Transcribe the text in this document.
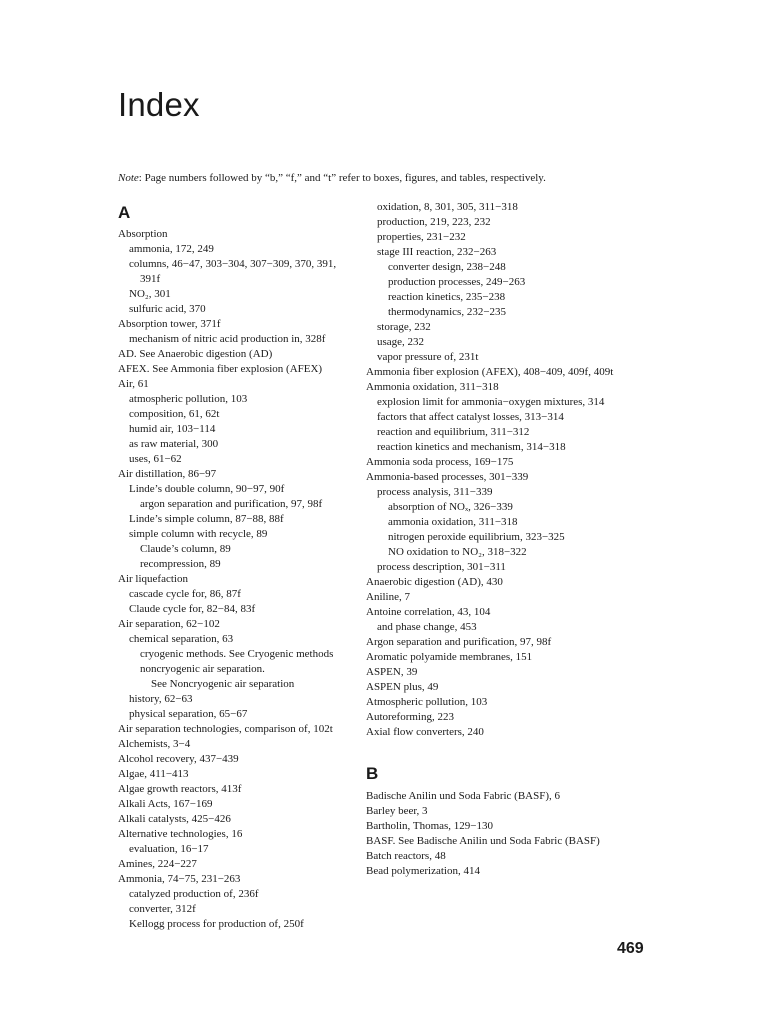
Index
Note: Page numbers followed by “b,” “f,” and “t” refer to boxes, figures, and tables, respectively.
A
Absorption
ammonia, 172, 249
columns, 46−47, 303−304, 307−309, 370, 391, 391f
NO₂, 301
sulfuric acid, 370
Absorption tower, 371f
mechanism of nitric acid production in, 328f
AD. See Anaerobic digestion (AD)
AFEX. See Ammonia fiber explosion (AFEX)
Air, 61
atmospheric pollution, 103
composition, 61, 62t
humid air, 103−114
as raw material, 300
uses, 61−62
Air distillation, 86−97
Linde’s double column, 90−97, 90f
argon separation and purification, 97, 98f
Linde’s simple column, 87−88, 88f
simple column with recycle, 89
Claude’s column, 89
recompression, 89
Air liquefaction
cascade cycle for, 86, 87f
Claude cycle for, 82−84, 83f
Air separation, 62−102
chemical separation, 63
cryogenic methods. See Cryogenic methods
noncryogenic air separation.
See Noncryogenic air separation
history, 62−63
physical separation, 65−67
Air separation technologies, comparison of, 102t
Alchemists, 3−4
Alcohol recovery, 437−439
Algae, 411−413
Algae growth reactors, 413f
Alkali Acts, 167−169
Alkali catalysts, 425−426
Alternative technologies, 16
evaluation, 16−17
Amines, 224−227
Ammonia, 74−75, 231−263
catalyzed production of, 236f
converter, 312f
Kellogg process for production of, 250f
oxidation, 8, 301, 305, 311−318
production, 219, 223, 232
properties, 231−232
stage III reaction, 232−263
converter design, 238−248
production processes, 249−263
reaction kinetics, 235−238
thermodynamics, 232−235
storage, 232
usage, 232
vapor pressure of, 231t
Ammonia fiber explosion (AFEX), 408−409, 409f, 409t
Ammonia oxidation, 311−318
explosion limit for ammonia−oxygen mixtures, 314
factors that affect catalyst losses, 313−314
reaction and equilibrium, 311−312
reaction kinetics and mechanism, 314−318
Ammonia soda process, 169−175
Ammonia-based processes, 301−339
process analysis, 311−339
absorption of NOₓ, 326−339
ammonia oxidation, 311−318
nitrogen peroxide equilibrium, 323−325
NO oxidation to NO₂, 318−322
process description, 301−311
Anaerobic digestion (AD), 430
Aniline, 7
Antoine correlation, 43, 104
and phase change, 453
Argon separation and purification, 97, 98f
Aromatic polyamide membranes, 151
ASPEN, 39
ASPEN plus, 49
Atmospheric pollution, 103
Autoreforming, 223
Axial flow converters, 240
B
Badische Anilin und Soda Fabric (BASF), 6
Barley beer, 3
Bartholin, Thomas, 129−130
BASF. See Badische Anilin und Soda Fabric (BASF)
Batch reactors, 48
Bead polymerization, 414
469
